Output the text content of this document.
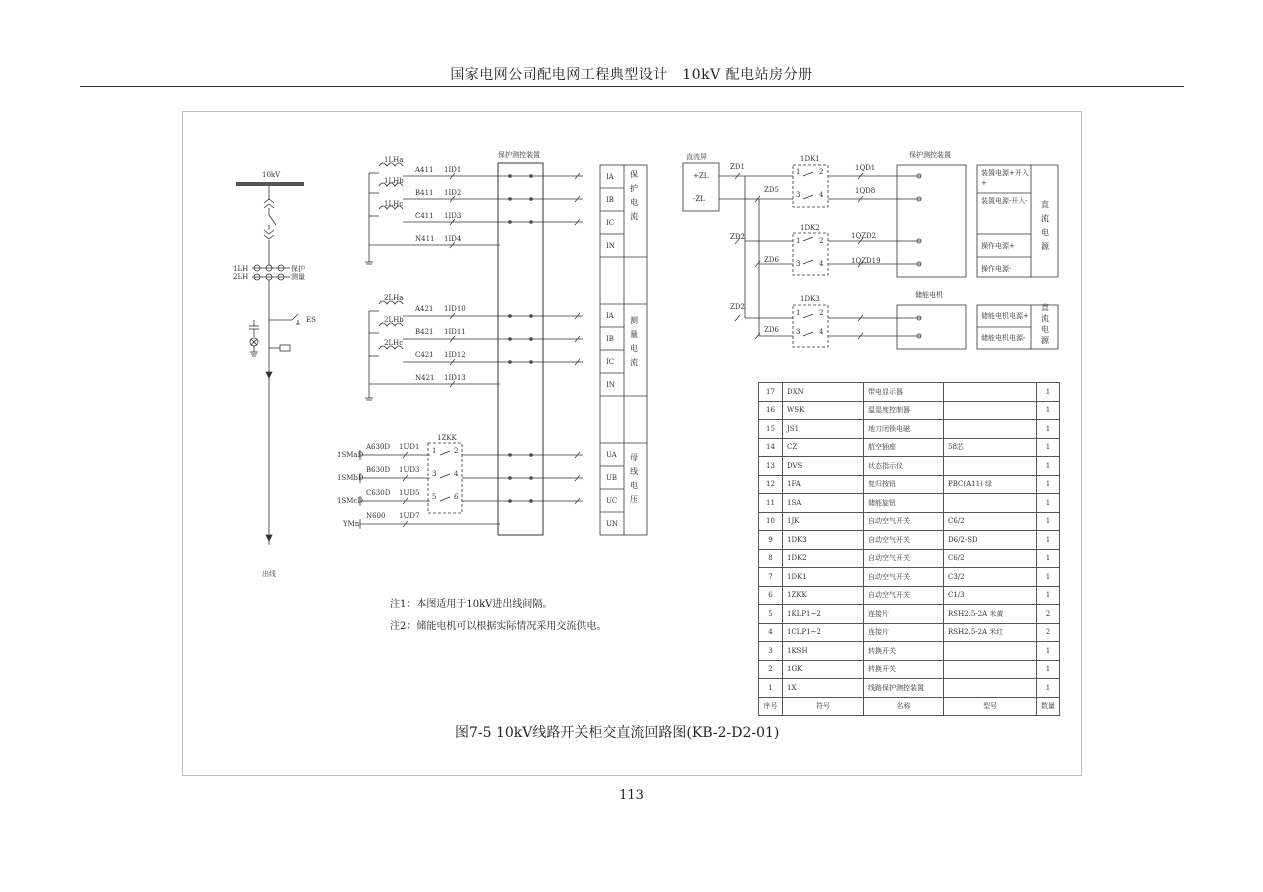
国家电网公司配电网工程典型设计　10kV 配电站房分册
10kV
1LH
2LH
保护
测量
ES
出线
1LHa
1LHb
1LHc
A411
B411
C411
N411
1ID1
1ID2
1ID3
1ID4
2LHa
2LHb
2LHc
A421
B421
C421
N421
1ID10
1ID11
1ID12
1ID13
1SMaD
1SMbD
1SMcD
YMn
A630D
B630D
C630D
N600
1UD1
1UD3
1UD5
1UD7
1ZKK
1	2
3	4
5	6
保护测控装置
IA
IB
IC
IN
保护电流
IA
IB
IC
IN
测量电流
UA
UB
UC
UN
母线电压
直流屏
+ZL
-ZL
ZD1
ZD5
ZD2
ZD6
ZD2
ZD6
1DK1
1DK2
1DK3
1	2
3	4
1	2
3	4
1	2
3	4
1QD1
1QD8
1QZD2
1QZD19
保护测控装置
储能电机
装置电源+开入+
装置电源-开入-
操作电源+
操作电源-
直流电源
储能电机电源+
储能电机电源-
直流电源
注1：本图适用于10kV进出线间隔。
注2：储能电机可以根据实际情况采用交流供电。
17	DXN	带电显示器		1
16	WSK	温湿度控制器		1
15	JS1	地刀闭锁电磁		1
14	CZ	航空插座	58芯	1
13	DVS	状态指示仪		1
12	1FA	复归按钮	PBC(A11) 绿	1
11	1SA	储能旋钮		1
10	1JK	自动空气开关	C6/2	1
9	1DK3	自动空气开关	D6/2-SD	1
8	1DK2	自动空气开关	C6/2	1
7	1DK1	自动空气开关	C3/2	1
6	1ZKK	自动空气开关	C1/3	1
5	1KLP1~2	连接片	RSH2.5-2A 米黄	2
4	1CLP1~2	连接片	RSH2.5-2A 米红	2
3	1KSH	转换开关		1
2	1GK	转换开关		1
1	1X	线路保护测控装置		1
序号	符号	名称	型号	数量
图7-5 10kV线路开关柜交直流回路图(KB-2-D2-01)
113
